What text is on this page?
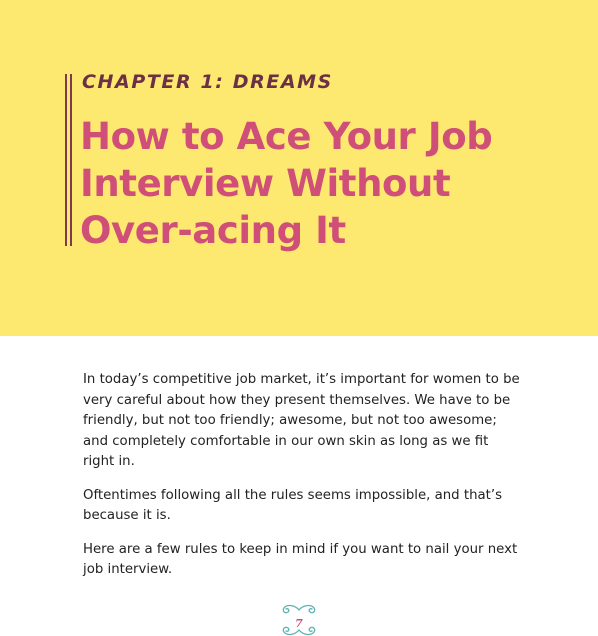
CHAPTER 1: DREAMS
How to Ace Your Job
Interview Without
Over-acing It

In today’s competitive job market, it’s important for women to be very careful about how they present themselves. We have to be friendly, but not too friendly; awesome, but not too awesome; and completely comfortable in our own skin as long as we fit right in.

Oftentimes following all the rules seems impossible, and that’s because it is.

Here are a few rules to keep in mind if you want to nail your next job interview.

7
